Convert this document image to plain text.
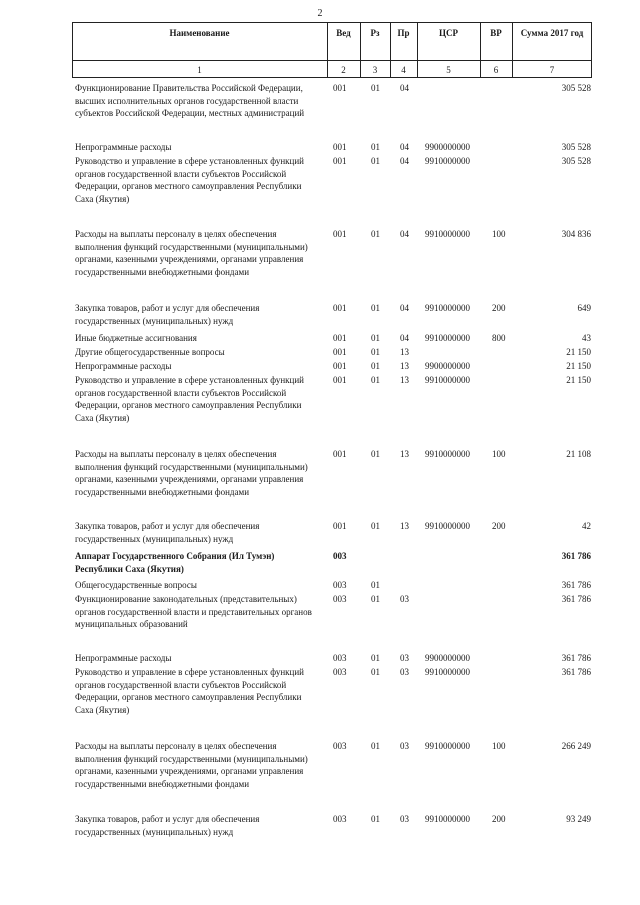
2
Наименование	Вед	Рз	Пр	ЦСР	ВР	Сумма 2017 год
1	2	3	4	5	6	7
Функционирование Правительства Российской Федерации, высших исполнительных органов государственной власти субъектов Российской Федерации, местных администраций
001	01	04	305 528
Непрограммные расходы	001	01	04	9900000000	305 528
Руководство и управление в сфере установленных функций органов государственной власти субъектов Российской Федерации, органов местного самоуправления Республики Саха (Якутия)
001	01	04	9910000000	305 528
Расходы на выплаты персоналу в целях обеспечения выполнения функций государственными (муниципальными) органами, казенными учреждениями, органами управления государственными внебюджетными фондами
001	01	04	9910000000	100	304 836
Закупка товаров, работ и услуг для обеспечения государственных (муниципальных) нужд
001	01	04	9910000000	200	649
Иные бюджетные ассигнования	001	01	04	9910000000	800	43
Другие общегосударственные вопросы	001	01	13	21 150
Непрограммные расходы	001	01	13	9900000000	21 150
Руководство и управление в сфере установленных функций органов государственной власти субъектов Российской Федерации, органов местного самоуправления Республики Саха (Якутия)
001	01	13	9910000000	21 150
Расходы на выплаты персоналу в целях обеспечения выполнения функций государственными (муниципальными) органами, казенными учреждениями, органами управления государственными внебюджетными фондами
001	01	13	9910000000	100	21 108
Закупка товаров, работ и услуг для обеспечения государственных (муниципальных) нужд
001	01	13	9910000000	200	42
Аппарат Государственного Собрания (Ил Тумэн) Республики Саха (Якутия)
003	361 786
Общегосударственные вопросы	003	01	361 786
Функционирование законодательных (представительных) органов государственной власти и представительных органов муниципальных образований
003	01	03	361 786
Непрограммные расходы	003	01	03	9900000000	361 786
Руководство и управление в сфере установленных функций органов государственной власти субъектов Российской Федерации, органов местного самоуправления Республики Саха (Якутия)
003	01	03	9910000000	361 786
Расходы на выплаты персоналу в целях обеспечения выполнения функций государственными (муниципальными) органами, казенными учреждениями, органами управления государственными внебюджетными фондами
003	01	03	9910000000	100	266 249
Закупка товаров, работ и услуг для обеспечения государственных (муниципальных) нужд
003	01	03	9910000000	200	93 249
